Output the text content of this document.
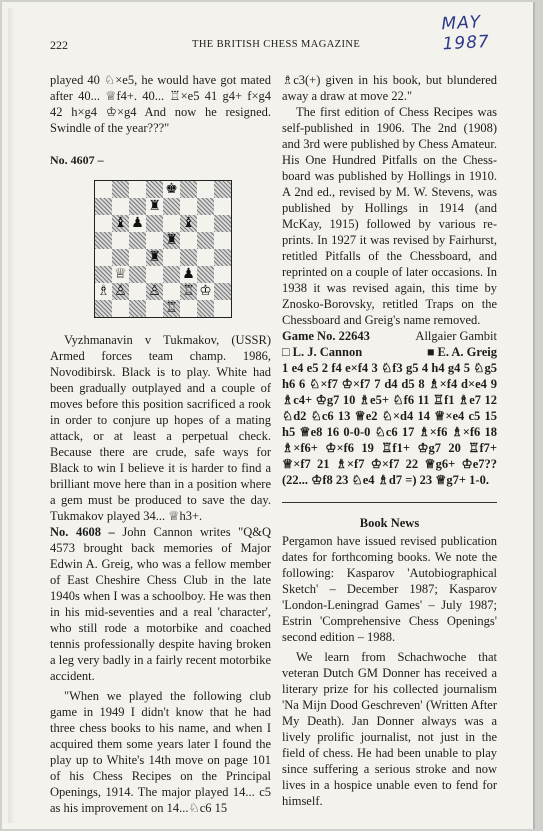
MAY 1987
222	THE BRITISH CHESS MAGAZINE

played 40 ♘×e5, he would have got mated after 40... ♕f4+. 40... ♖×e5 41 g4+ f×g4 42 h×g4 ♔×g4 And now he resigned. Swindle of the year???"

No. 4607 –

♚
♜
♝ ♟	♝
♜
♜
♕	♟
♗ ♙ ♙ ♖ ♔
♖

Vyzhmanavin v Tukmakov, (USSR) Armed forces team champ. 1986, Novodibirsk. Black is to play. White had been gradually outplayed and a couple of moves before this position sacrificed a rook in order to conjure up hopes of a mating attack, or at least a perpetual check. Because there are crude, safe ways for Black to win I believe it is harder to find a brilliant move here than in a position where a gem must be produced to save the day. Tukmakov played 34... ♕h3+.

No. 4608 – John Cannon writes "Q&Q 4573 brought back memories of Major Edwin A. Greig, who was a fellow member of East Cheshire Chess Club in the late 1940s when I was a schoolboy. He was then in his mid-seventies and a real 'character', who still rode a motorbike and coached tennis professionally despite having broken a leg very badly in a fairly recent motorbike accident.

"When we played the following club game in 1949 I didn't know that he had three chess books to his name, and when I acquired them some years later I found the play up to White's 14th move on page 101 of his Chess Recipes on the Principal Openings, 1914. The major played 14... c5 as his improvement on 14...♘c6 15

♗c3(+) given in his book, but blundered away a draw at move 22."

The first edition of Chess Recipes was self-published in 1906. The 2nd (1908) and 3rd were published by Chess Amateur. His One Hundred Pitfalls on the Chess-board was published by Hollings in 1910. A 2nd ed., revised by M. W. Stevens, was published by Hollings in 1914 (and McKay, 1915) followed by various re-prints. In 1927 it was revised by Fairhurst, retitled Pitfalls of the Chessboard, and reprinted on a couple of later occasions. In 1938 it was revised again, this time by Znosko-Borovsky, retitled Traps on the Chessboard and Greig's name removed.

Game No. 22643	Allgaier Gambit
□ L. J. Cannon	■ E. A. Greig

1 e4 e5 2 f4 e×f4 3 ♘f3 g5 4 h4 g4 5 ♘g5 h6 6 ♘×f7 ♔×f7 7 d4 d5 8 ♗×f4 d×e4 9 ♗c4+ ♔g7 10 ♗e5+ ♘f6 11 ♖f1 ♗e7 12 ♘d2 ♘c6 13 ♕e2 ♘×d4 14 ♕×e4 c5 15 h5 ♕e8 16 0-0-0 ♘c6 17 ♗×f6 ♗×f6 18 ♗×f6+ ♔×f6 19 ♖f1+ ♔g7 20 ♖f7+ ♕×f7 21 ♗×f7 ♔×f7 22 ♕g6+ ♔e7?? (22... ♔f8 23 ♘e4 ♗d7 =) 23 ♕g7+ 1-0.

Book News

Pergamon have issued revised publication dates for forthcoming books. We note the following: Kasparov 'Autobiographical Sketch' – December 1987; Kasparov 'London-Leningrad Games' – July 1987; Estrin 'Comprehensive Chess Openings' second edition – 1988.

We learn from Schachwoche that veteran Dutch GM Donner has received a literary prize for his collected journalism 'Na Mijn Dood Geschreven' (Written After My Death). Jan Donner always was a lively prolific journalist, not just in the field of chess. He had been unable to play since suffering a serious stroke and now lives in a hospice unable even to fend for himself.
